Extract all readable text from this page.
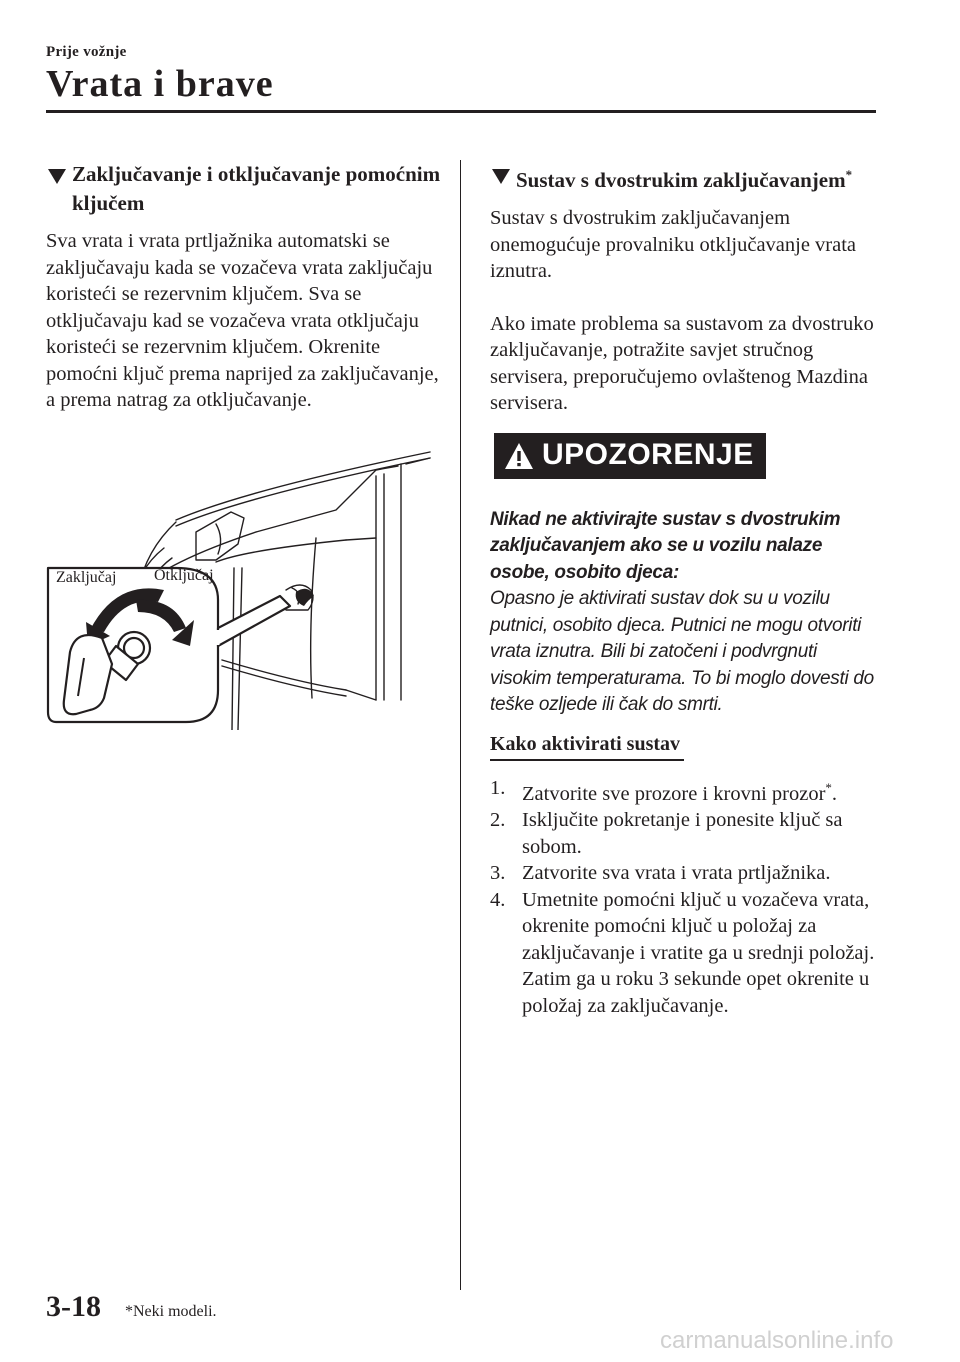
Prije vožnje
Vrata i brave
Zaključavanje i otključavanje pomoćnim ključem

Sva vrata i vrata prtljažnika automatski se zaključavaju kada se vozačeva vrata zaključaju koristeći se rezervnim ključem. Sva se otključavaju kad se vozačeva vrata otključaju koristeći se rezervnim ključem. Okrenite pomoćni ključ prema naprijed za zaključavanje, a prema natrag za otključavanje.

Zaključaj Otključaj
Sustav s dvostrukim zaključavanjem*

Sustav s dvostrukim zaključavanjem onemogućuje provalniku otključavanje vrata iznutra.

Ako imate problema sa sustavom za dvostruko zaključavanje, potražite savjet stručnog servisera, preporučujemo ovlaštenog Mazdina servisera.

UPOZORENJE
Nikad ne aktivirajte sustav s dvostrukim zaključavanjem ako se u vozilu nalaze osobe, osobito djeca:
Opasno je aktivirati sustav dok su u vozilu putnici, osobito djeca. Putnici ne mogu otvoriti vrata iznutra. Bili bi zatočeni i podvrgnuti visokim temperaturama. To bi moglo dovesti do teške ozljede ili čak do smrti.
Kako aktivirati sustav
1. Zatvorite sve prozore i krovni prozor*.
2. Isključite pokretanje i ponesite ključ sa sobom.
3. Zatvorite sva vrata i vrata prtljažnika.
4. Umetnite pomoćni ključ u vozačeva vrata, okrenite pomoćni ključ u položaj za zaključavanje i vratite ga u srednji položaj. Zatim ga u roku 3 sekunde opet okrenite u položaj za zaključavanje.
3-18 *Neki modeli.
carmanualsonline.info
